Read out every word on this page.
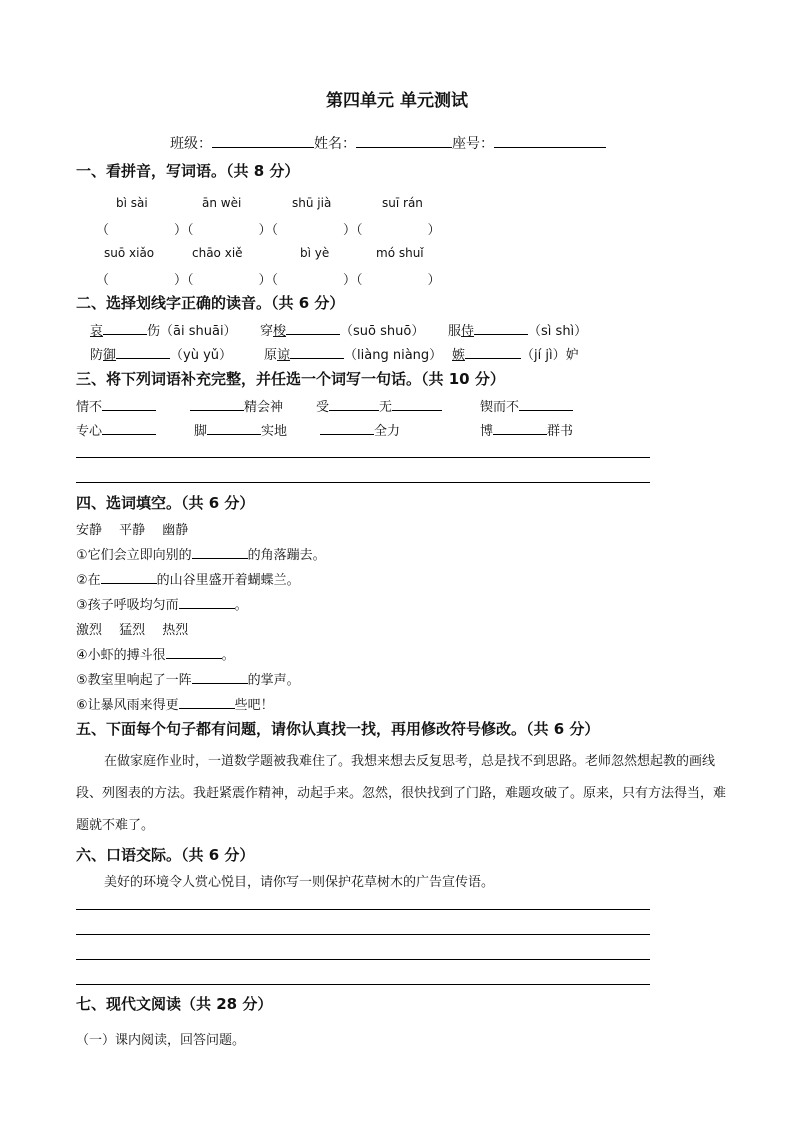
第四单元 单元测试
班级：	姓名：	座号：
一、看拼音，写词语。（共 8 分）
bì sài	ān wèi	shū jià	suī rán
（　　　　　）（　　　　　）（　　　　　）（　　　　　）
suō xiǎo	chāo xiě	bì yè	mó shuǐ
（　　　　　）（　　　　　）（　　　　　）（　　　　　）
二、选择划线字正确的读音。（共 6 分）
哀	伤（āi shuāi） 穿梭	（suō shuō） 服侍	（sì shì）
防御	（yù yǔ） 原谅	（liàng niàng） 嫉	（jí jì）妒
三、将下列词语补充完整，并任选一个词写一句话。（共 10 分）
情不	精会神	受	无	锲而不
专心	脚	实地	全力	博	群书
四、选词填空。（共 6 分）
安静　 平静　 幽静
①它们会立即向别的	的角落蹦去。
②在	的山谷里盛开着蝴蝶兰。
③孩子呼吸均匀而	。
激烈　 猛烈　 热烈
④小虾的搏斗很	。
⑤教室里响起了一阵	的掌声。
⑥让暴风雨来得更	些吧！
五、下面每个句子都有问题，请你认真找一找，再用修改符号修改。（共 6 分）
在做家庭作业时，一道数学题被我难住了。我想来想去反复思考，总是找不到思路。老师忽然想起教的画线段、列图表的方法。我赶紧震作精神，动起手来。忽然，很快找到了门路，难题攻破了。原来，只有方法得当，难题就不难了。
六、口语交际。（共 6 分）
美好的环境令人赏心悦目，请你写一则保护花草树木的广告宣传语。
七、现代文阅读（共 28 分）
（一）课内阅读，回答问题。
